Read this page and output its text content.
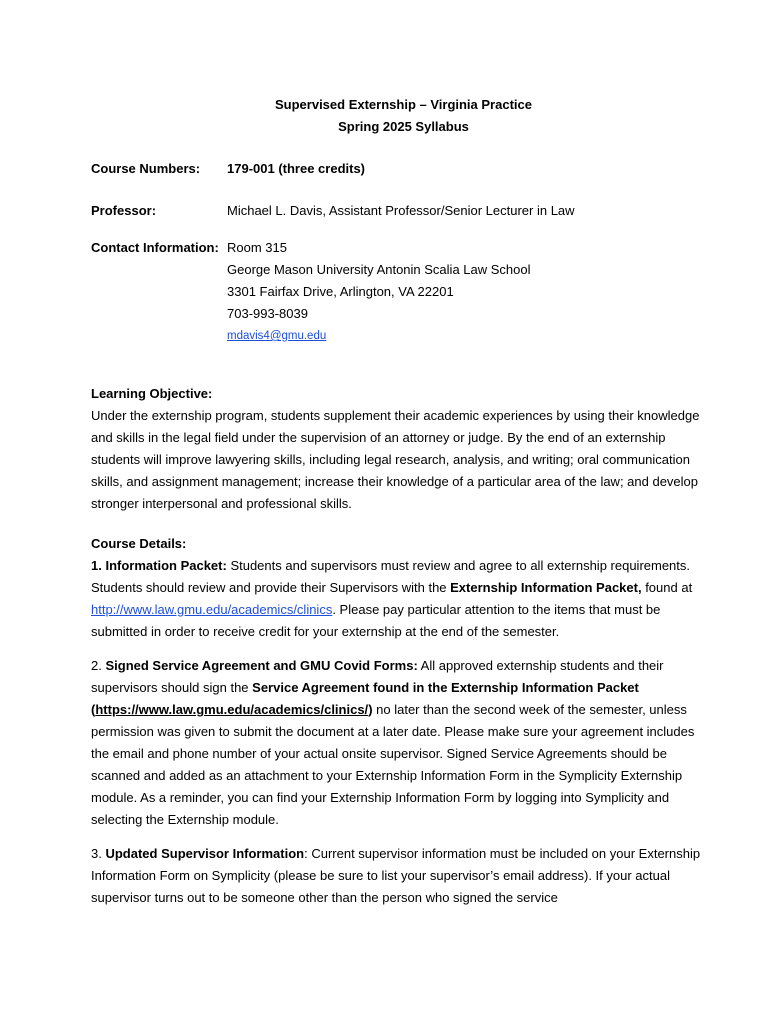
Supervised Externship – Virginia Practice
Spring 2025 Syllabus
Course Numbers:	179-001 (three credits)
Professor:	Michael L. Davis, Assistant Professor/Senior Lecturer in Law
Contact Information: Room 315
George Mason University Antonin Scalia Law School
3301 Fairfax Drive, Arlington, VA 22201
703-993-8039
mdavis4@gmu.edu
Learning Objective:
Under the externship program, students supplement their academic experiences by using their knowledge and skills in the legal field under the supervision of an attorney or judge. By the end of an externship students will improve lawyering skills, including legal research, analysis, and writing; oral communication skills, and assignment management; increase their knowledge of a particular area of the law; and develop stronger interpersonal and professional skills.
Course Details:
1. Information Packet: Students and supervisors must review and agree to all externship requirements. Students should review and provide their Supervisors with the Externship Information Packet, found at http://www.law.gmu.edu/academics/clinics. Please pay particular attention to the items that must be submitted in order to receive credit for your externship at the end of the semester.
2. Signed Service Agreement and GMU Covid Forms: All approved externship students and their supervisors should sign the Service Agreement found in the Externship Information Packet (https://www.law.gmu.edu/academics/clinics/) no later than the second week of the semester, unless permission was given to submit the document at a later date. Please make sure your agreement includes the email and phone number of your actual onsite supervisor. Signed Service Agreements should be scanned and added as an attachment to your Externship Information Form in the Symplicity Externship module. As a reminder, you can find your Externship Information Form by logging into Symplicity and selecting the Externship module.
3. Updated Supervisor Information: Current supervisor information must be included on your Externship Information Form on Symplicity (please be sure to list your supervisor’s email address). If your actual supervisor turns out to be someone other than the person who signed the service
